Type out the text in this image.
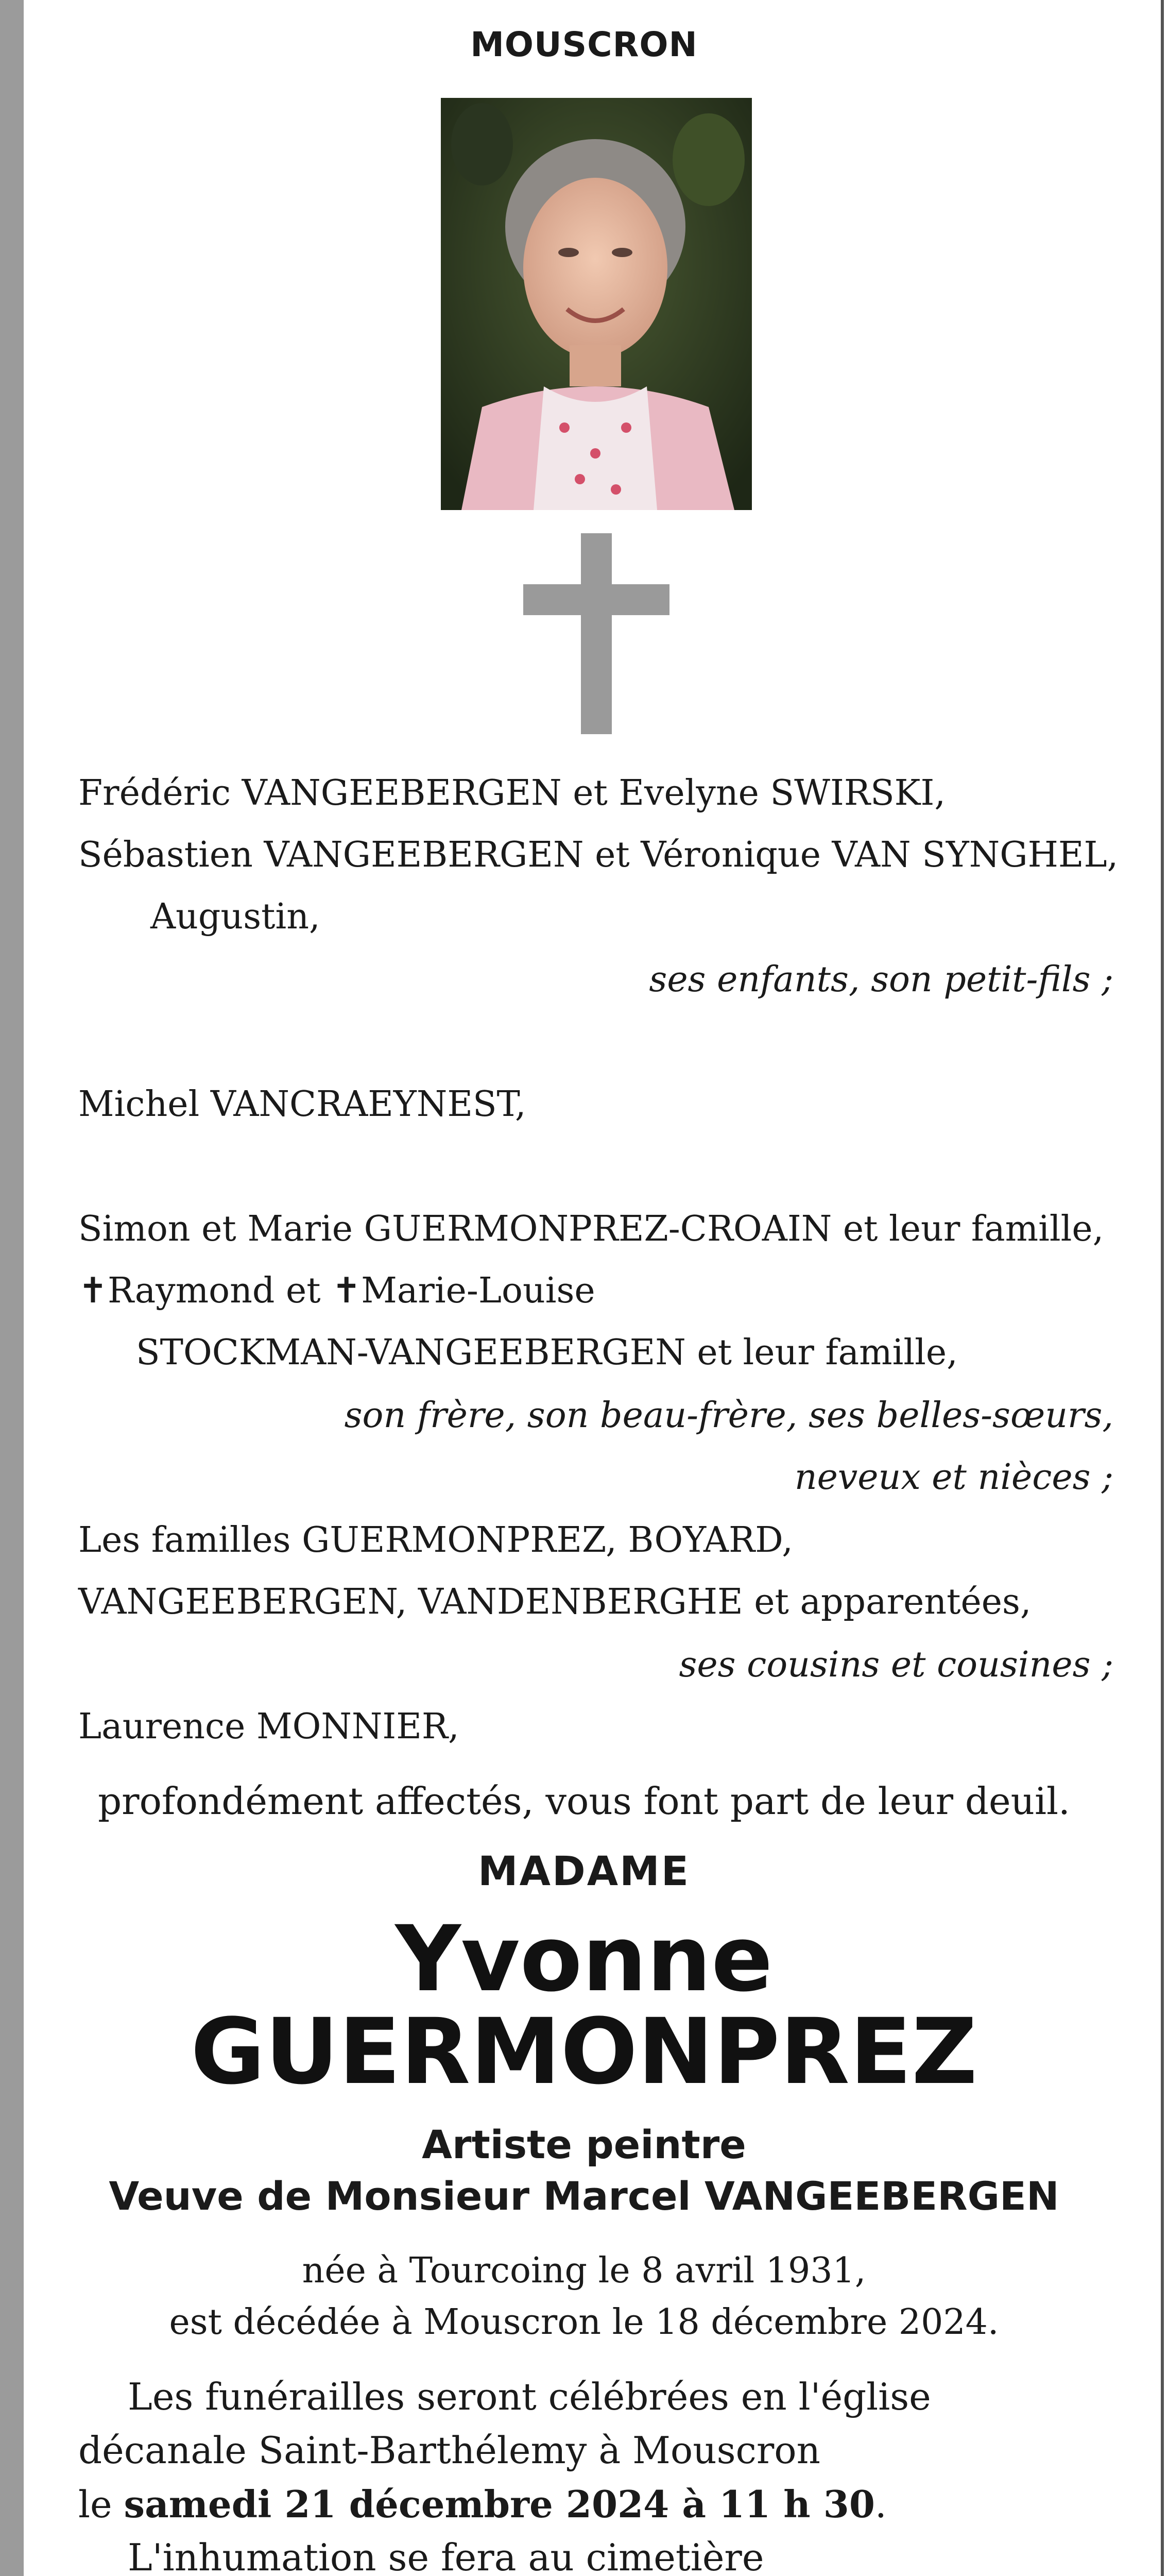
MOUSCRON
Frédéric VANGEEBERGEN et Evelyne SWIRSKI,
Sébastien VANGEEBERGEN et Véronique VAN SYNGHEL,
Augustin,
ses enfants, son petit-fils ;
Michel VANCRAEYNEST,
Simon et Marie GUERMONPREZ-CROAIN et leur famille,
✝Raymond et ✝Marie-Louise
STOCKMAN-VANGEEBERGEN et leur famille,
son frère, son beau-frère, ses belles-sœurs,
neveux et nièces ;
Les familles GUERMONPREZ, BOYARD,
VANGEEBERGEN, VANDENBERGHE et apparentées,
ses cousins et cousines ;
Laurence MONNIER,
profondément affectés, vous font part de leur deuil.
MADAME
Yvonne
GUERMONPREZ
Artiste peintre
Veuve de Monsieur Marcel VANGEEBERGEN
née à Tourcoing le 8 avril 1931,
est décédée à Mouscron le 18 décembre 2024.
Les funérailles seront célébrées en l'église
décanale Saint-Barthélemy à Mouscron
le samedi 21 décembre 2024 à 11 h 30.
L'inhumation se fera au cimetière
